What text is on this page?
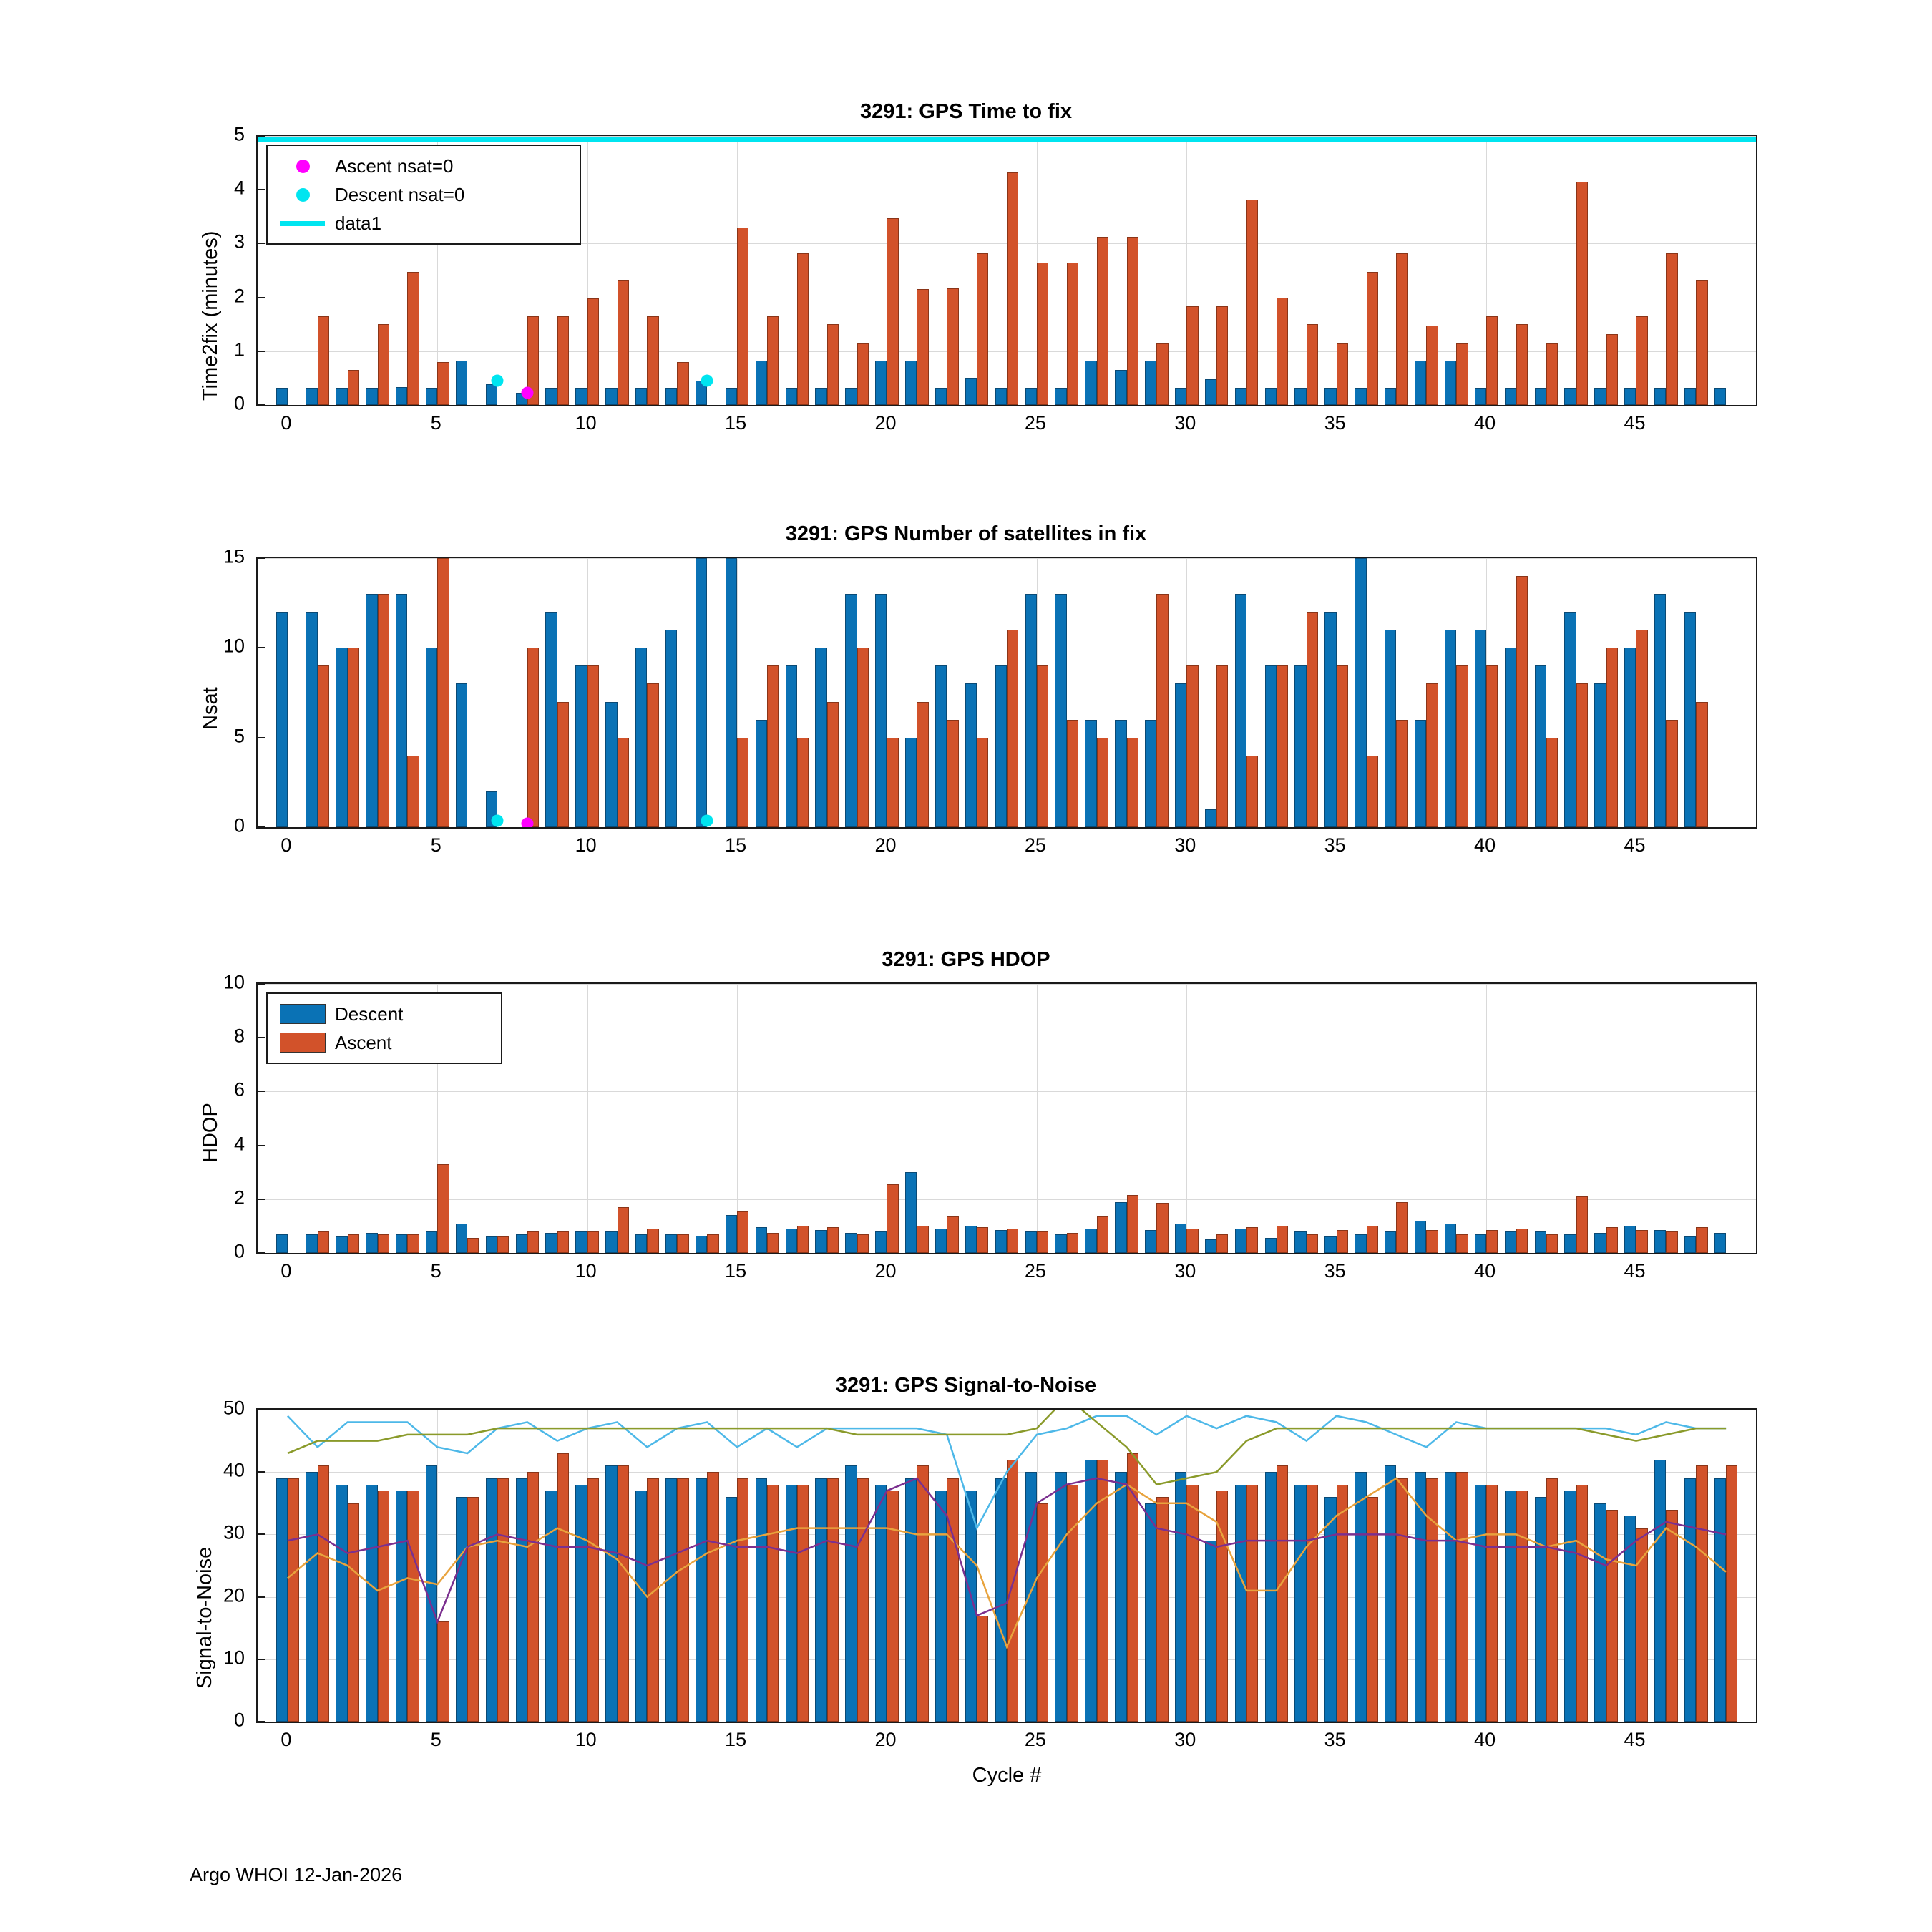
3291: GPS Time to fix
Time2fix (minutes)
0
1
2
3
4
5
0	5	10	15	20	25	30	35	40	45
Ascent nsat=0
Descent nsat=0
data1
3291: GPS Number of satellites in fix
Nsat
0
5
10
15
0	5	10	15	20	25	30	35	40	45
3291: GPS HDOP
HDOP
0
2
4
6
8
10
0	5	10	15	20	25	30	35	40	45
Descent
Ascent
3291: GPS Signal-to-Noise
Signal-to-Noise
0
10
20
30
40
50
0	5	10	15	20	25	30	35	40	45
Cycle #
Argo WHOI 12-Jan-2026
